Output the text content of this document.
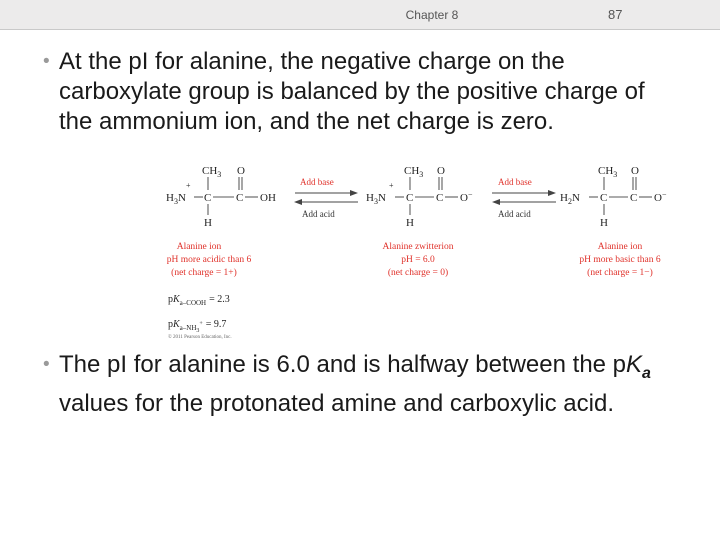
Chapter 8	87
• At the pI for alanine, the negative charge on the carboxylate group is balanced by the positive charge of the ammonium ion, and the net charge is zero.
• The pI for alanine is 6.0 and is halfway between the $pK_a$ values for the protonated amine and carboxylic acid.
$CH_3$ O
+
$H_3N$ C C OH
H
Add base
Add acid
$CH_3$ O
+
$H_3N$ C C O−
H
Add base
Add acid
$CH_3$ O
$H_2N$ C C O−
H
Alanine ion
pH more acidic than 6
(net charge = 1+)
Alanine zwitterion
pH = 6.0
(net charge = 0)
Alanine ion
pH more basic than 6
(net charge = 1−)
$pK_a$–COOH = 2.3
$pK_a-NH_3^+ = 9.7$
© 2011 Pearson Education, Inc.
